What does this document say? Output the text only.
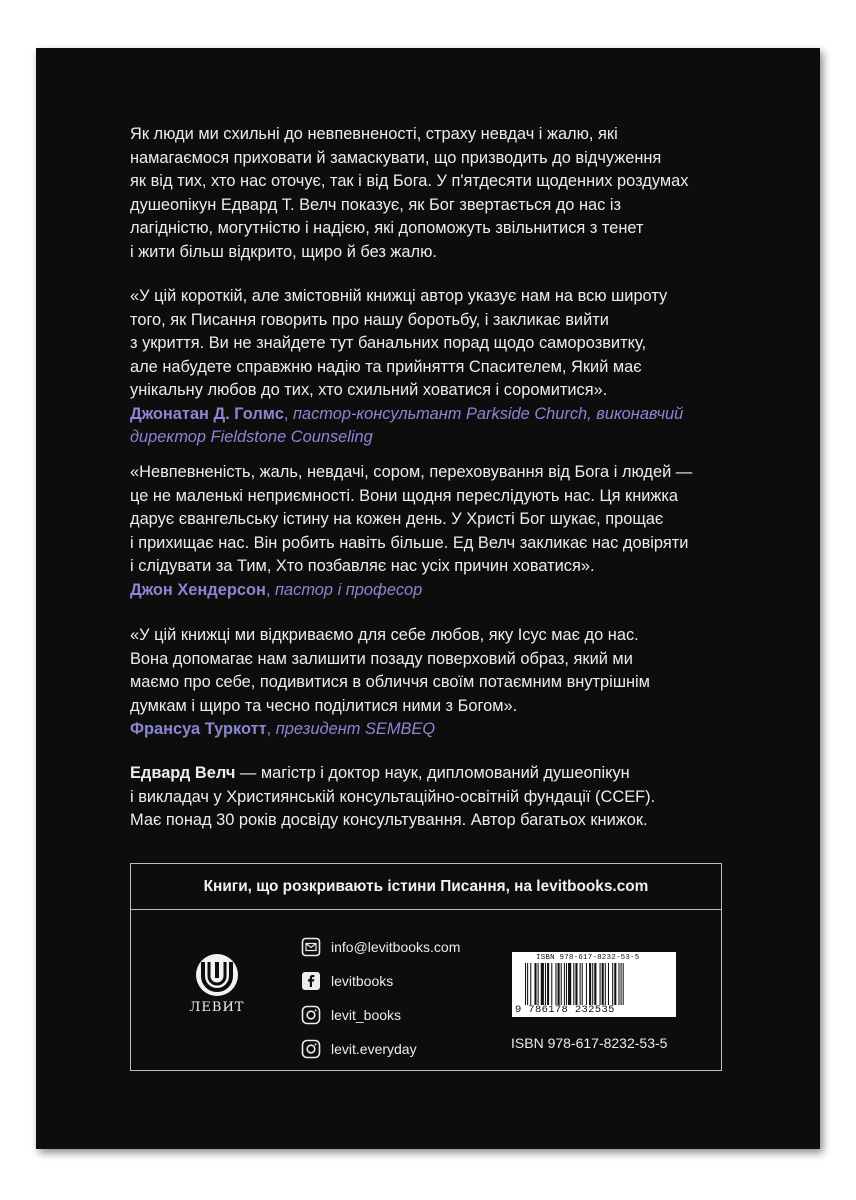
Як люди ми схильні до невпевненості, страху невдач і жалю, які

намагаємося приховати й замаскувати, що призводить до відчуження

як від тих, хто нас оточує, так і від Бога. У п'ятдесяти щоденних роздумах

душеопікун Едвард Т. Велч показує, як Бог звертається до нас із

лагідністю, могутністю і надією, які допоможуть звільнитися з тенет

і жити більш відкрито, щиро й без жалю.

«У цій короткій, але змістовній книжці автор указує нам на всю широту

того, як Писання говорить про нашу боротьбу, і закликає вийти

з укриття. Ви не знайдете тут банальних порад щодо саморозвитку,

але набудете справжню надію та прийняття Спасителем, Який має

унікальну любов до тих, хто схильний ховатися і соромитися».

Джонатан Д. Голмс, пастор-консультант Parkside Church, виконавчий

директор Fieldstone Counseling

«Невпевненість, жаль, невдачі, сором, переховування від Бога і людей —

це не маленькі неприємності. Вони щодня переслідують нас. Ця книжка

дарує євангельську істину на кожен день. У Христі Бог шукає, прощає

і прихищає нас. Він робить навіть більше. Ед Велч закликає нас довіряти

і слідувати за Тим, Хто позбавляє нас усіх причин ховатися».

Джон Хендерсон, пастор і професор

«У цій книжці ми відкриваємо для себе любов, яку Ісус має до нас.

Вона допомагає нам залишити позаду поверховий образ, який ми

маємо про себе, подивитися в обличчя своїм потаємним внутрішнім

думкам і щиро та чесно поділитися ними з Богом».

Франсуа Туркотт, президент SEMBEQ

Едвард Велч — магістр і доктор наук, дипломований душеопікун

і викладач у Християнській консультаційно-освітній фундації (CCEF).

Має понад 30 років досвіду консультування. Автор багатьох книжок.

Книги, що розкривають істини Писання, на levitbooks.com
ЛЕВИТ
info@levitbooks.com
levitbooks
levit_books
levit.everyday
ISBN 978-617-8232-53-5
9 786178 232535
ISBN 978-617-8232-53-5
